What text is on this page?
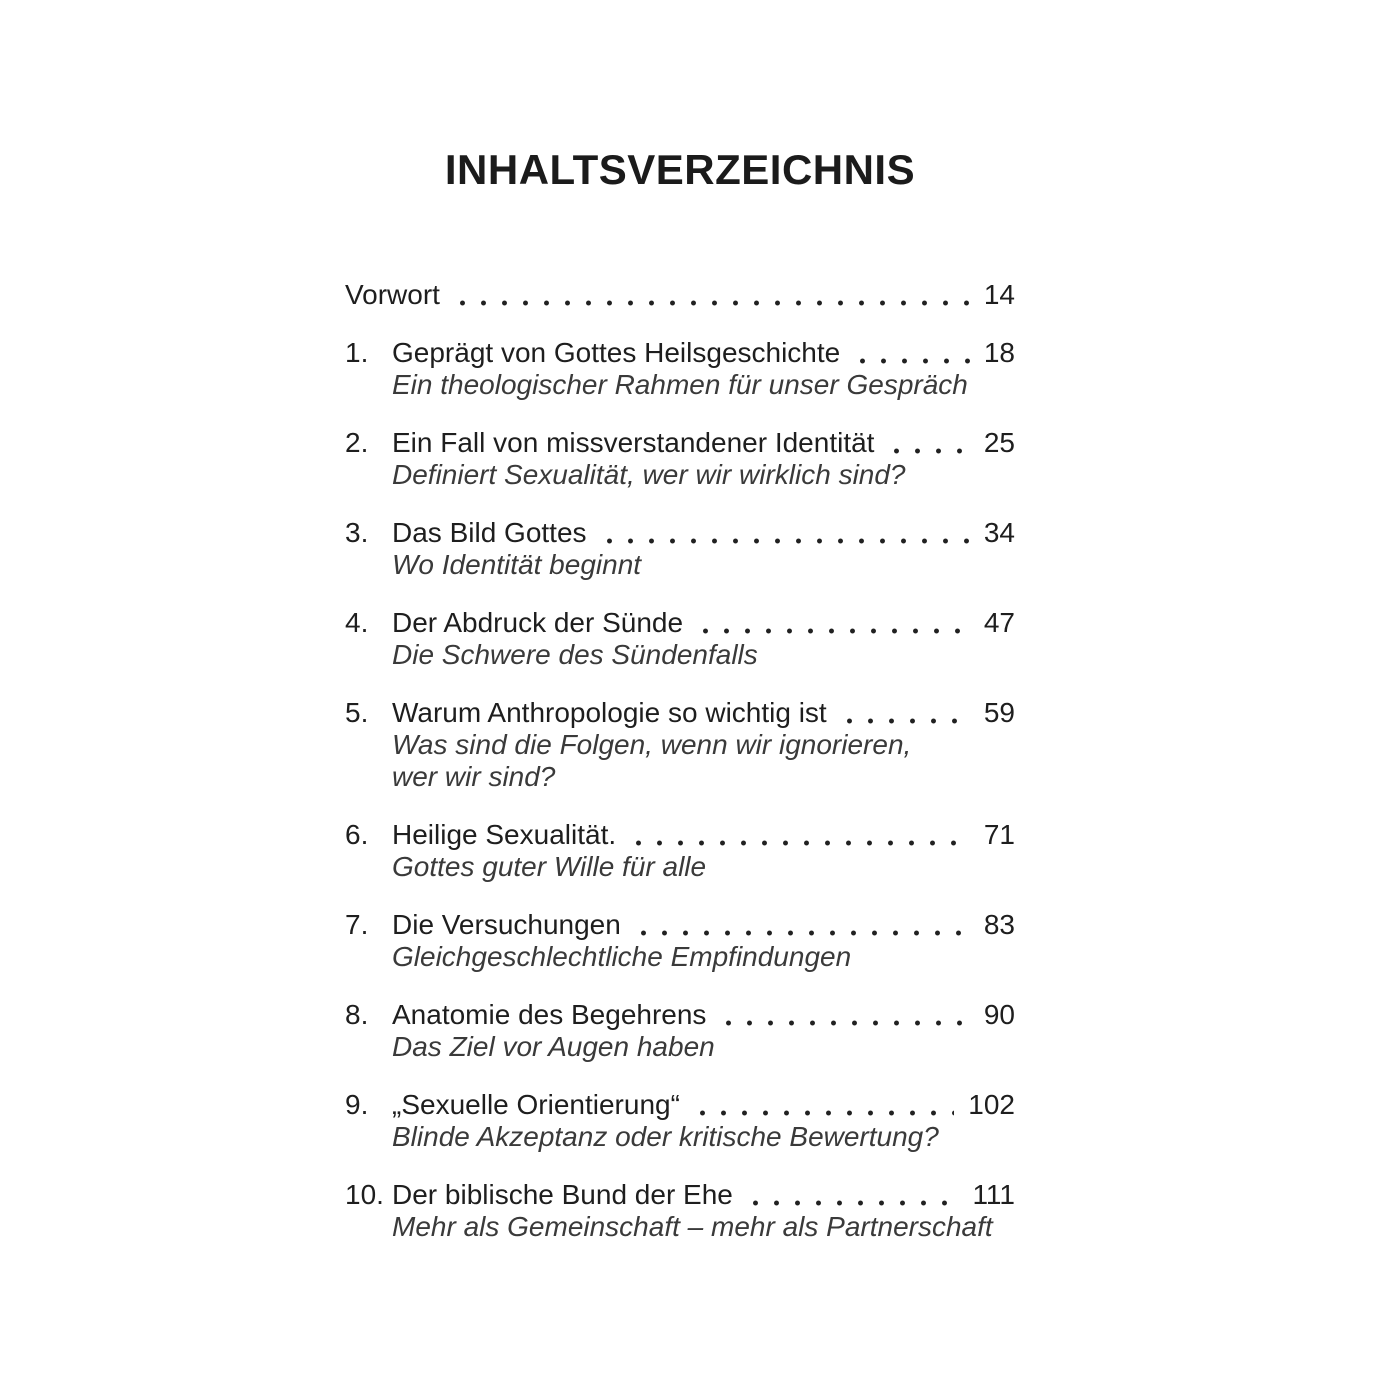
INHALTSVERZEICHNIS
Vorwort	14
1. Geprägt von Gottes Heilsgeschichte	18
Ein theologischer Rahmen für unser Gespräch
2. Ein Fall von missverstandener Identität	25
Definiert Sexualität, wer wir wirklich sind?
3. Das Bild Gottes	34
Wo Identität beginnt
4. Der Abdruck der Sünde	47
Die Schwere des Sündenfalls
5. Warum Anthropologie so wichtig ist	59
Was sind die Folgen, wenn wir ignorieren,
wer wir sind?
6. Heilige Sexualität.	71
Gottes guter Wille für alle
7. Die Versuchungen	83
Gleichgeschlechtliche Empfindungen
8. Anatomie des Begehrens	90
Das Ziel vor Augen haben
9. „Sexuelle Orientierung“	102
Blinde Akzeptanz oder kritische Bewertung?
10. Der biblische Bund der Ehe	111
Mehr als Gemeinschaft – mehr als Partnerschaft
